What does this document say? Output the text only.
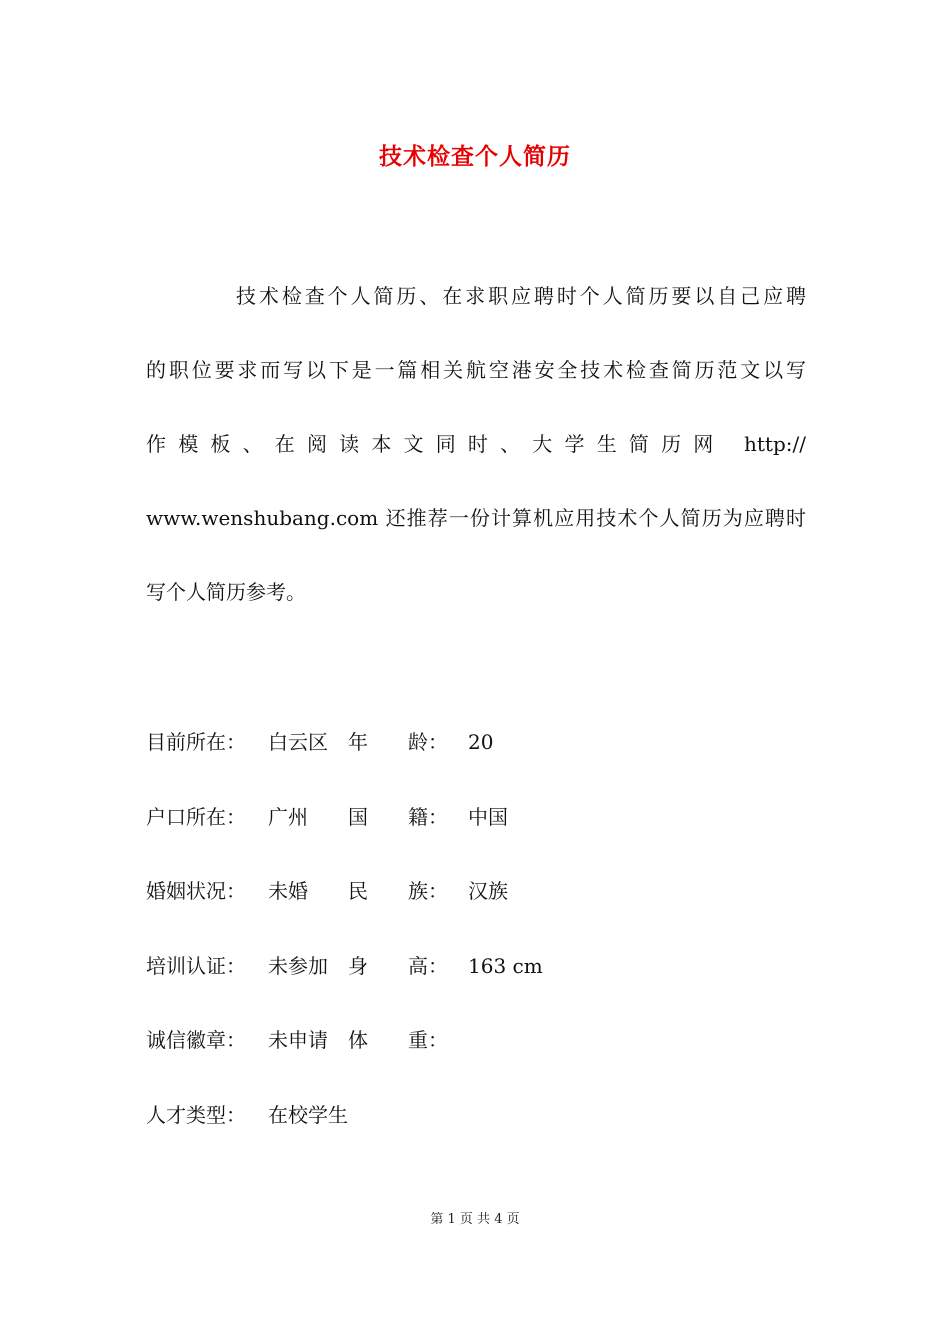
技术检查个人简历
技术检查个人简历、在求职应聘时个人简历要以自己应聘
的职位要求而写以下是一篇相关航空港安全技术检查简历范文以写
作模板、在阅读本文同时、大学生简历网 http://
www.wenshubang.com 还推荐一份计算机应用技术个人简历为应聘时
写个人简历参考。
目前所在： 白云区 年　　龄： 20
户口所在： 广州 国　　籍： 中国
婚姻状况： 未婚 民　　族： 汉族
培训认证： 未参加 身　　高： 163 cm
诚信徽章： 未申请 体　　重：
人才类型： 在校学生
第 1 页 共 4 页
